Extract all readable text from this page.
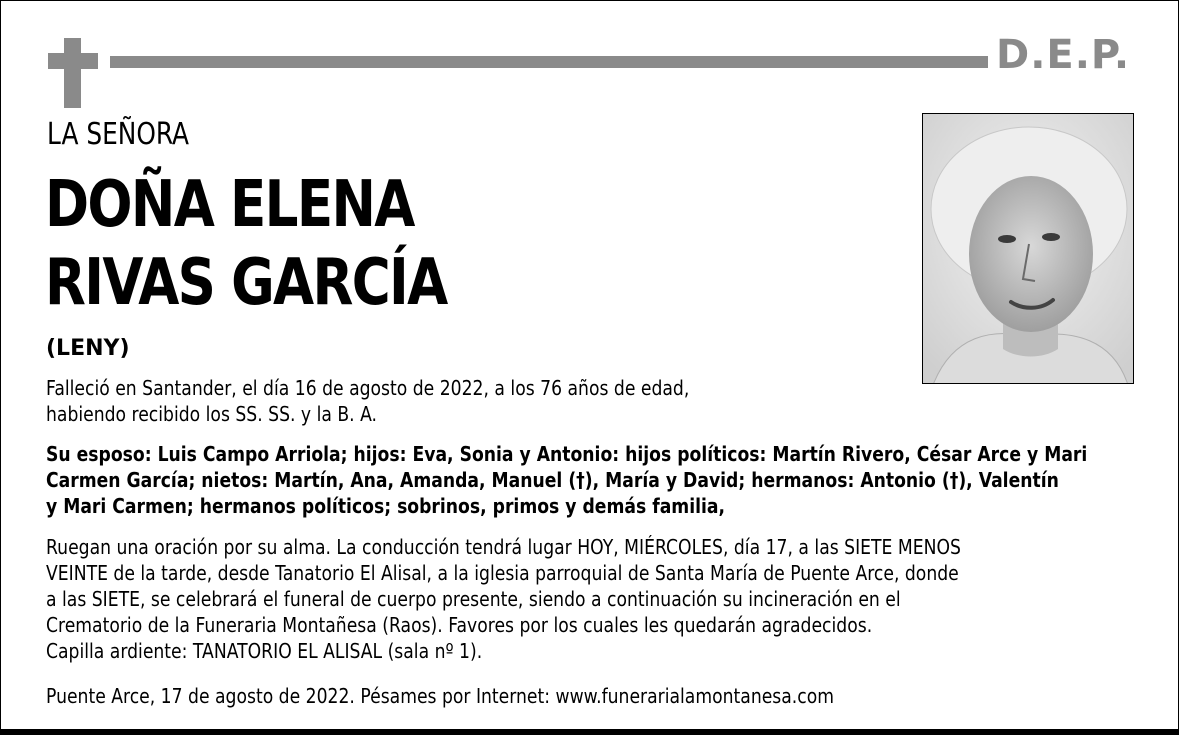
D.E.P.
LA SEÑORA
DOÑA ELENA
RIVAS GARCÍA
(LENY)
Falleció en Santander, el día 16 de agosto de 2022, a los 76 años de edad,
habiendo recibido los SS. SS. y la B. A.
Su esposo: Luis Campo Arriola; hijos: Eva, Sonia y Antonio: hijos políticos: Martín Rivero, César Arce y Mari
Carmen García; nietos: Martín, Ana, Amanda, Manuel (†), María y David; hermanos: Antonio (†), Valentín
y Mari Carmen; hermanos políticos; sobrinos, primos y demás familia,
Ruegan una oración por su alma. La conducción tendrá lugar HOY, MIÉRCOLES, día 17, a las SIETE MENOS
VEINTE de la tarde, desde Tanatorio El Alisal, a la iglesia parroquial de Santa María de Puente Arce, donde
a las SIETE, se celebrará el funeral de cuerpo presente, siendo a continuación su incineración en el
Crematorio de la Funeraria Montañesa (Raos). Favores por los cuales les quedarán agradecidos.
Capilla ardiente: TANATORIO EL ALISAL (sala nº 1).
Puente Arce, 17 de agosto de 2022. Pésames por Internet: www.funerarialamontanesa.com
